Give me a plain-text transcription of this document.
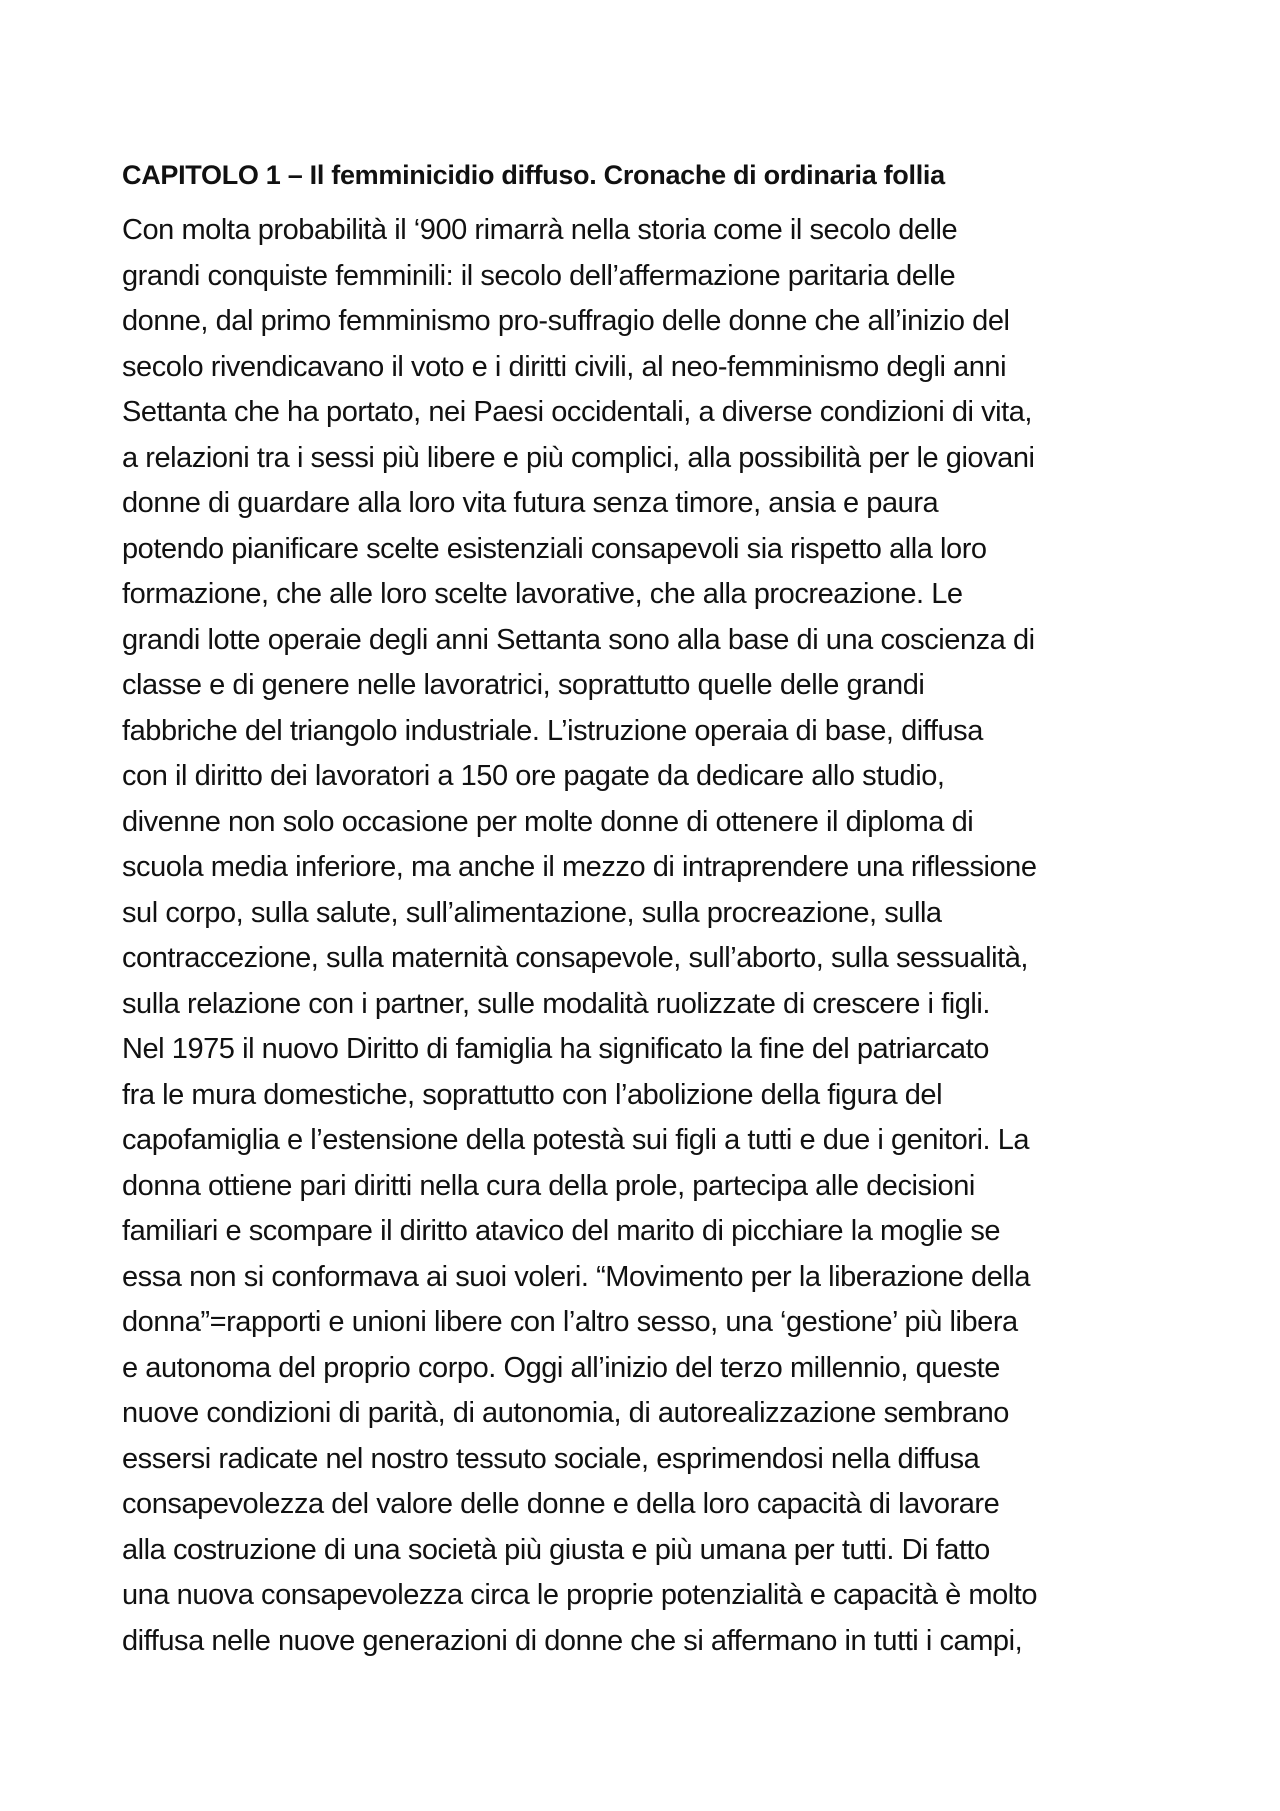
CAPITOLO 1 – Il femminicidio diffuso. Cronache di ordinaria follia
Con molta probabilità il ‘900 rimarrà nella storia come il secolo delle
grandi conquiste femminili: il secolo dell’affermazione paritaria delle
donne, dal primo femminismo pro-suffragio delle donne che all’inizio del
secolo rivendicavano il voto e i diritti civili, al neo-femminismo degli anni
Settanta che ha portato, nei Paesi occidentali, a diverse condizioni di vita,
a relazioni tra i sessi più libere e più complici, alla possibilità per le giovani
donne di guardare alla loro vita futura senza timore, ansia e paura
potendo pianificare scelte esistenziali consapevoli sia rispetto alla loro
formazione, che alle loro scelte lavorative, che alla procreazione. Le
grandi lotte operaie degli anni Settanta sono alla base di una coscienza di
classe e di genere nelle lavoratrici, soprattutto quelle delle grandi
fabbriche del triangolo industriale. L’istruzione operaia di base, diffusa
con il diritto dei lavoratori a 150 ore pagate da dedicare allo studio,
divenne non solo occasione per molte donne di ottenere il diploma di
scuola media inferiore, ma anche il mezzo di intraprendere una riflessione
sul corpo, sulla salute, sull’alimentazione, sulla procreazione, sulla
contraccezione, sulla maternità consapevole, sull’aborto, sulla sessualità,
sulla relazione con i partner, sulle modalità ruolizzate di crescere i figli.
Nel 1975 il nuovo Diritto di famiglia ha significato la fine del patriarcato
fra le mura domestiche, soprattutto con l’abolizione della figura del
capofamiglia e l’estensione della potestà sui figli a tutti e due i genitori. La
donna ottiene pari diritti nella cura della prole, partecipa alle decisioni
familiari e scompare il diritto atavico del marito di picchiare la moglie se
essa non si conformava ai suoi voleri. “Movimento per la liberazione della
donna”=rapporti e unioni libere con l’altro sesso, una ‘gestione’ più libera
e autonoma del proprio corpo. Oggi all’inizio del terzo millennio, queste
nuove condizioni di parità, di autonomia, di autorealizzazione sembrano
essersi radicate nel nostro tessuto sociale, esprimendosi nella diffusa
consapevolezza del valore delle donne e della loro capacità di lavorare
alla costruzione di una società più giusta e più umana per tutti. Di fatto
una nuova consapevolezza circa le proprie potenzialità e capacità è molto
diffusa nelle nuove generazioni di donne che si affermano in tutti i campi,
